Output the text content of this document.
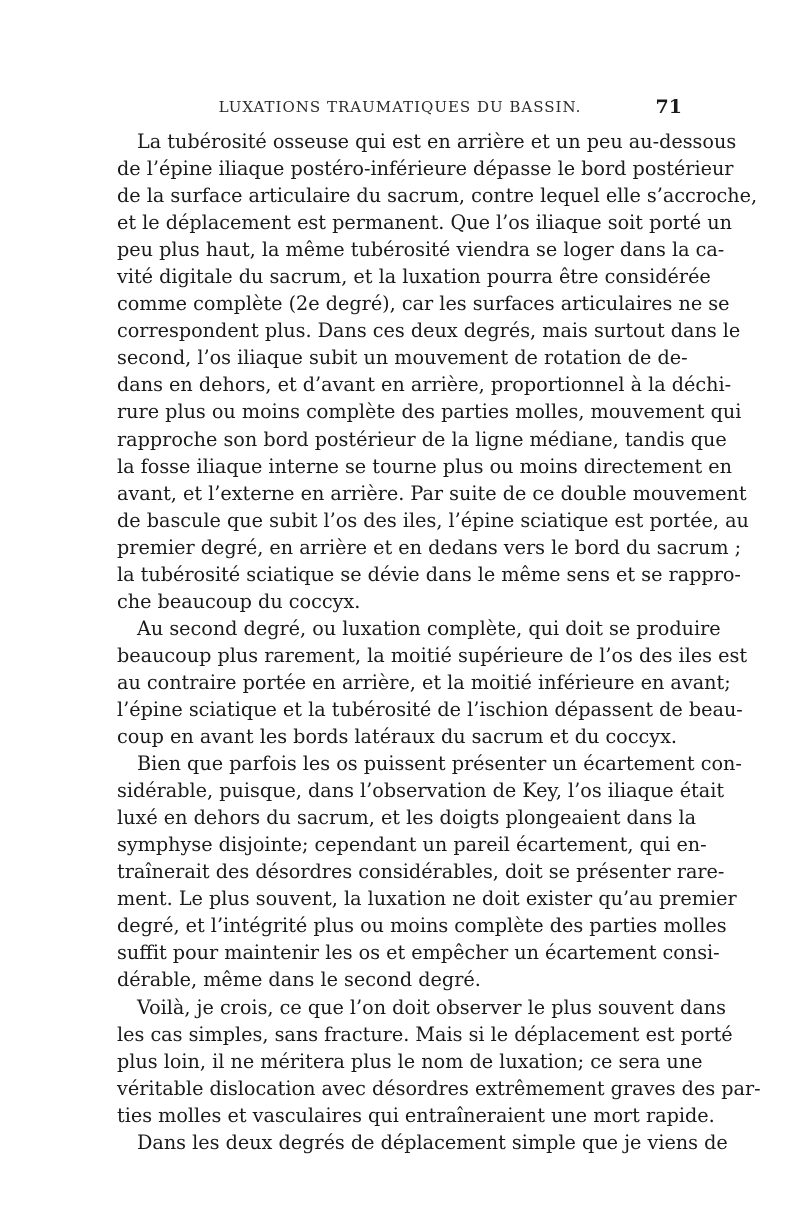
LUXATIONS TRAUMATIQUES DU BASSIN.	71
La tubérosité osseuse qui est en arrière et un peu au-dessous
de l’épine iliaque postéro-inférieure dépasse le bord postérieur
de la surface articulaire du sacrum, contre lequel elle s’accroche,
et le déplacement est permanent. Que l’os iliaque soit porté un
peu plus haut, la même tubérosité viendra se loger dans la ca-
vité digitale du sacrum, et la luxation pourra être considérée
comme complète (2e degré), car les surfaces articulaires ne se
correspondent plus. Dans ces deux degrés, mais surtout dans le
second, l’os iliaque subit un mouvement de rotation de de-
dans en dehors, et d’avant en arrière, proportionnel à la déchi-
rure plus ou moins complète des parties molles, mouvement qui
rapproche son bord postérieur de la ligne médiane, tandis que
la fosse iliaque interne se tourne plus ou moins directement en
avant, et l’externe en arrière. Par suite de ce double mouvement
de bascule que subit l’os des iles, l’épine sciatique est portée, au
premier degré, en arrière et en dedans vers le bord du sacrum ;
la tubérosité sciatique se dévie dans le même sens et se rappro-
che beaucoup du coccyx.
Au second degré, ou luxation complète, qui doit se produire
beaucoup plus rarement, la moitié supérieure de l’os des iles est
au contraire portée en arrière, et la moitié inférieure en avant;
l’épine sciatique et la tubérosité de l’ischion dépassent de beau-
coup en avant les bords latéraux du sacrum et du coccyx.
Bien que parfois les os puissent présenter un écartement con-
sidérable, puisque, dans l’observation de Key, l’os iliaque était
luxé en dehors du sacrum, et les doigts plongeaient dans la
symphyse disjointe; cependant un pareil écartement, qui en-
traînerait des désordres considérables, doit se présenter rare-
ment. Le plus souvent, la luxation ne doit exister qu’au premier
degré, et l’intégrité plus ou moins complète des parties molles
suffit pour maintenir les os et empêcher un écartement consi-
dérable, même dans le second degré.
Voilà, je crois, ce que l’on doit observer le plus souvent dans
les cas simples, sans fracture. Mais si le déplacement est porté
plus loin, il ne méritera plus le nom de luxation; ce sera une
véritable dislocation avec désordres extrêmement graves des par-
ties molles et vasculaires qui entraîneraient une mort rapide.
Dans les deux degrés de déplacement simple que je viens de
